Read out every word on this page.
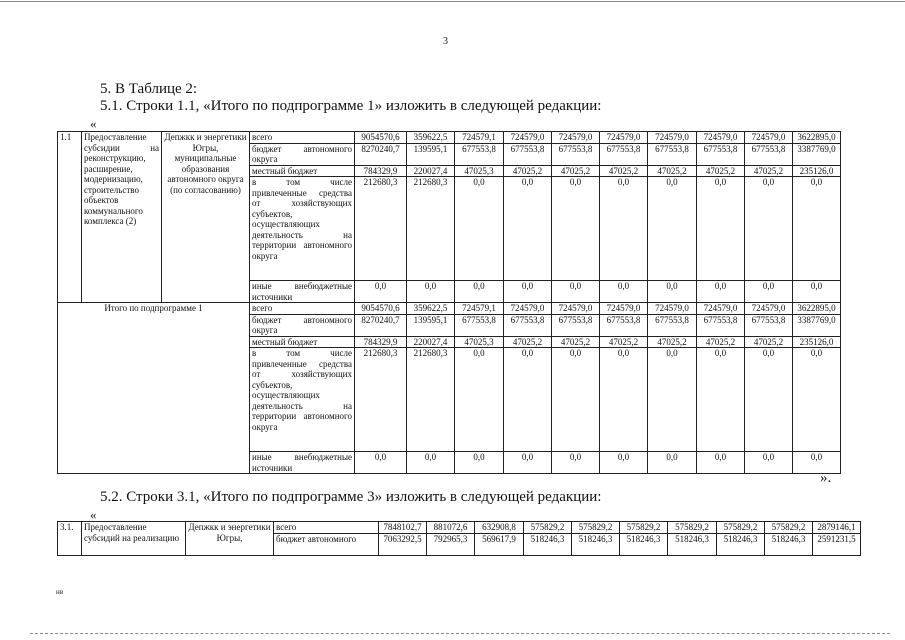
3
5. В Таблице 2:
5.1. Строки 1.1, «Итого по подпрограмме 1» изложить в следующей редакции:
«
1.1	Предоставление субсидии на реконструкцию, расширение, модернизацию, строительство объектов коммунального комплекса (2)	Депжкк и энергетики Югры, муниципальные образования автономного округа (по согласованию)	всего	9054570,6	359622,5	724579,1	724579,0	724579,0	724579,0	724579,0	724579,0	724579,0	3622895,0
			бюджет автономного округа	8270240,7	139595,1	677553,8	677553,8	677553,8	677553,8	677553,8	677553,8	677553,8	3387769,0
			местный бюджет	784329,9	220027,4	47025,3	47025,2	47025,2	47025,2	47025,2	47025,2	47025,2	235126,0
			в том числе привлеченные средства от хозяйствующих субъектов, осуществляющих деятельность на территории автономного округа	212680,3	212680,3	0,0	0,0	0,0	0,0	0,0	0,0	0,0	0,0
			иные внебюджетные источники	0,0	0,0	0,0	0,0	0,0	0,0	0,0	0,0	0,0	0,0
Итого по подпрограмме 1			всего	9054570,6	359622,5	724579,1	724579,0	724579,0	724579,0	724579,0	724579,0	724579,0	3622895,0
			бюджет автономного округа	8270240,7	139595,1	677553,8	677553,8	677553,8	677553,8	677553,8	677553,8	677553,8	3387769,0
			местный бюджет	784329,9	220027,4	47025,3	47025,2	47025,2	47025,2	47025,2	47025,2	47025,2	235126,0
			в том числе привлеченные средства от хозяйствующих субъектов, осуществляющих деятельность на территории автономного округа	212680,3	212680,3	0,0	0,0	0,0	0,0	0,0	0,0	0,0	0,0
			иные внебюджетные источники	0,0	0,0	0,0	0,0	0,0	0,0	0,0	0,0	0,0	0,0
».
5.2. Строки 3.1, «Итого по подпрограмме 3» изложить в следующей редакции:
«
3.1.	Предоставление субсидий на реализацию	Депжкк и энергетики Югры,	всего	7848102,7	881072,6	632908,8	575829,2	575829,2	575829,2	575829,2	575829,2	575829,2	2879146,1
			бюджет автономного	7063292,5	792965,3	569617,9	518246,3	518246,3	518246,3	518246,3	518246,3	518246,3	2591231,5
нв
